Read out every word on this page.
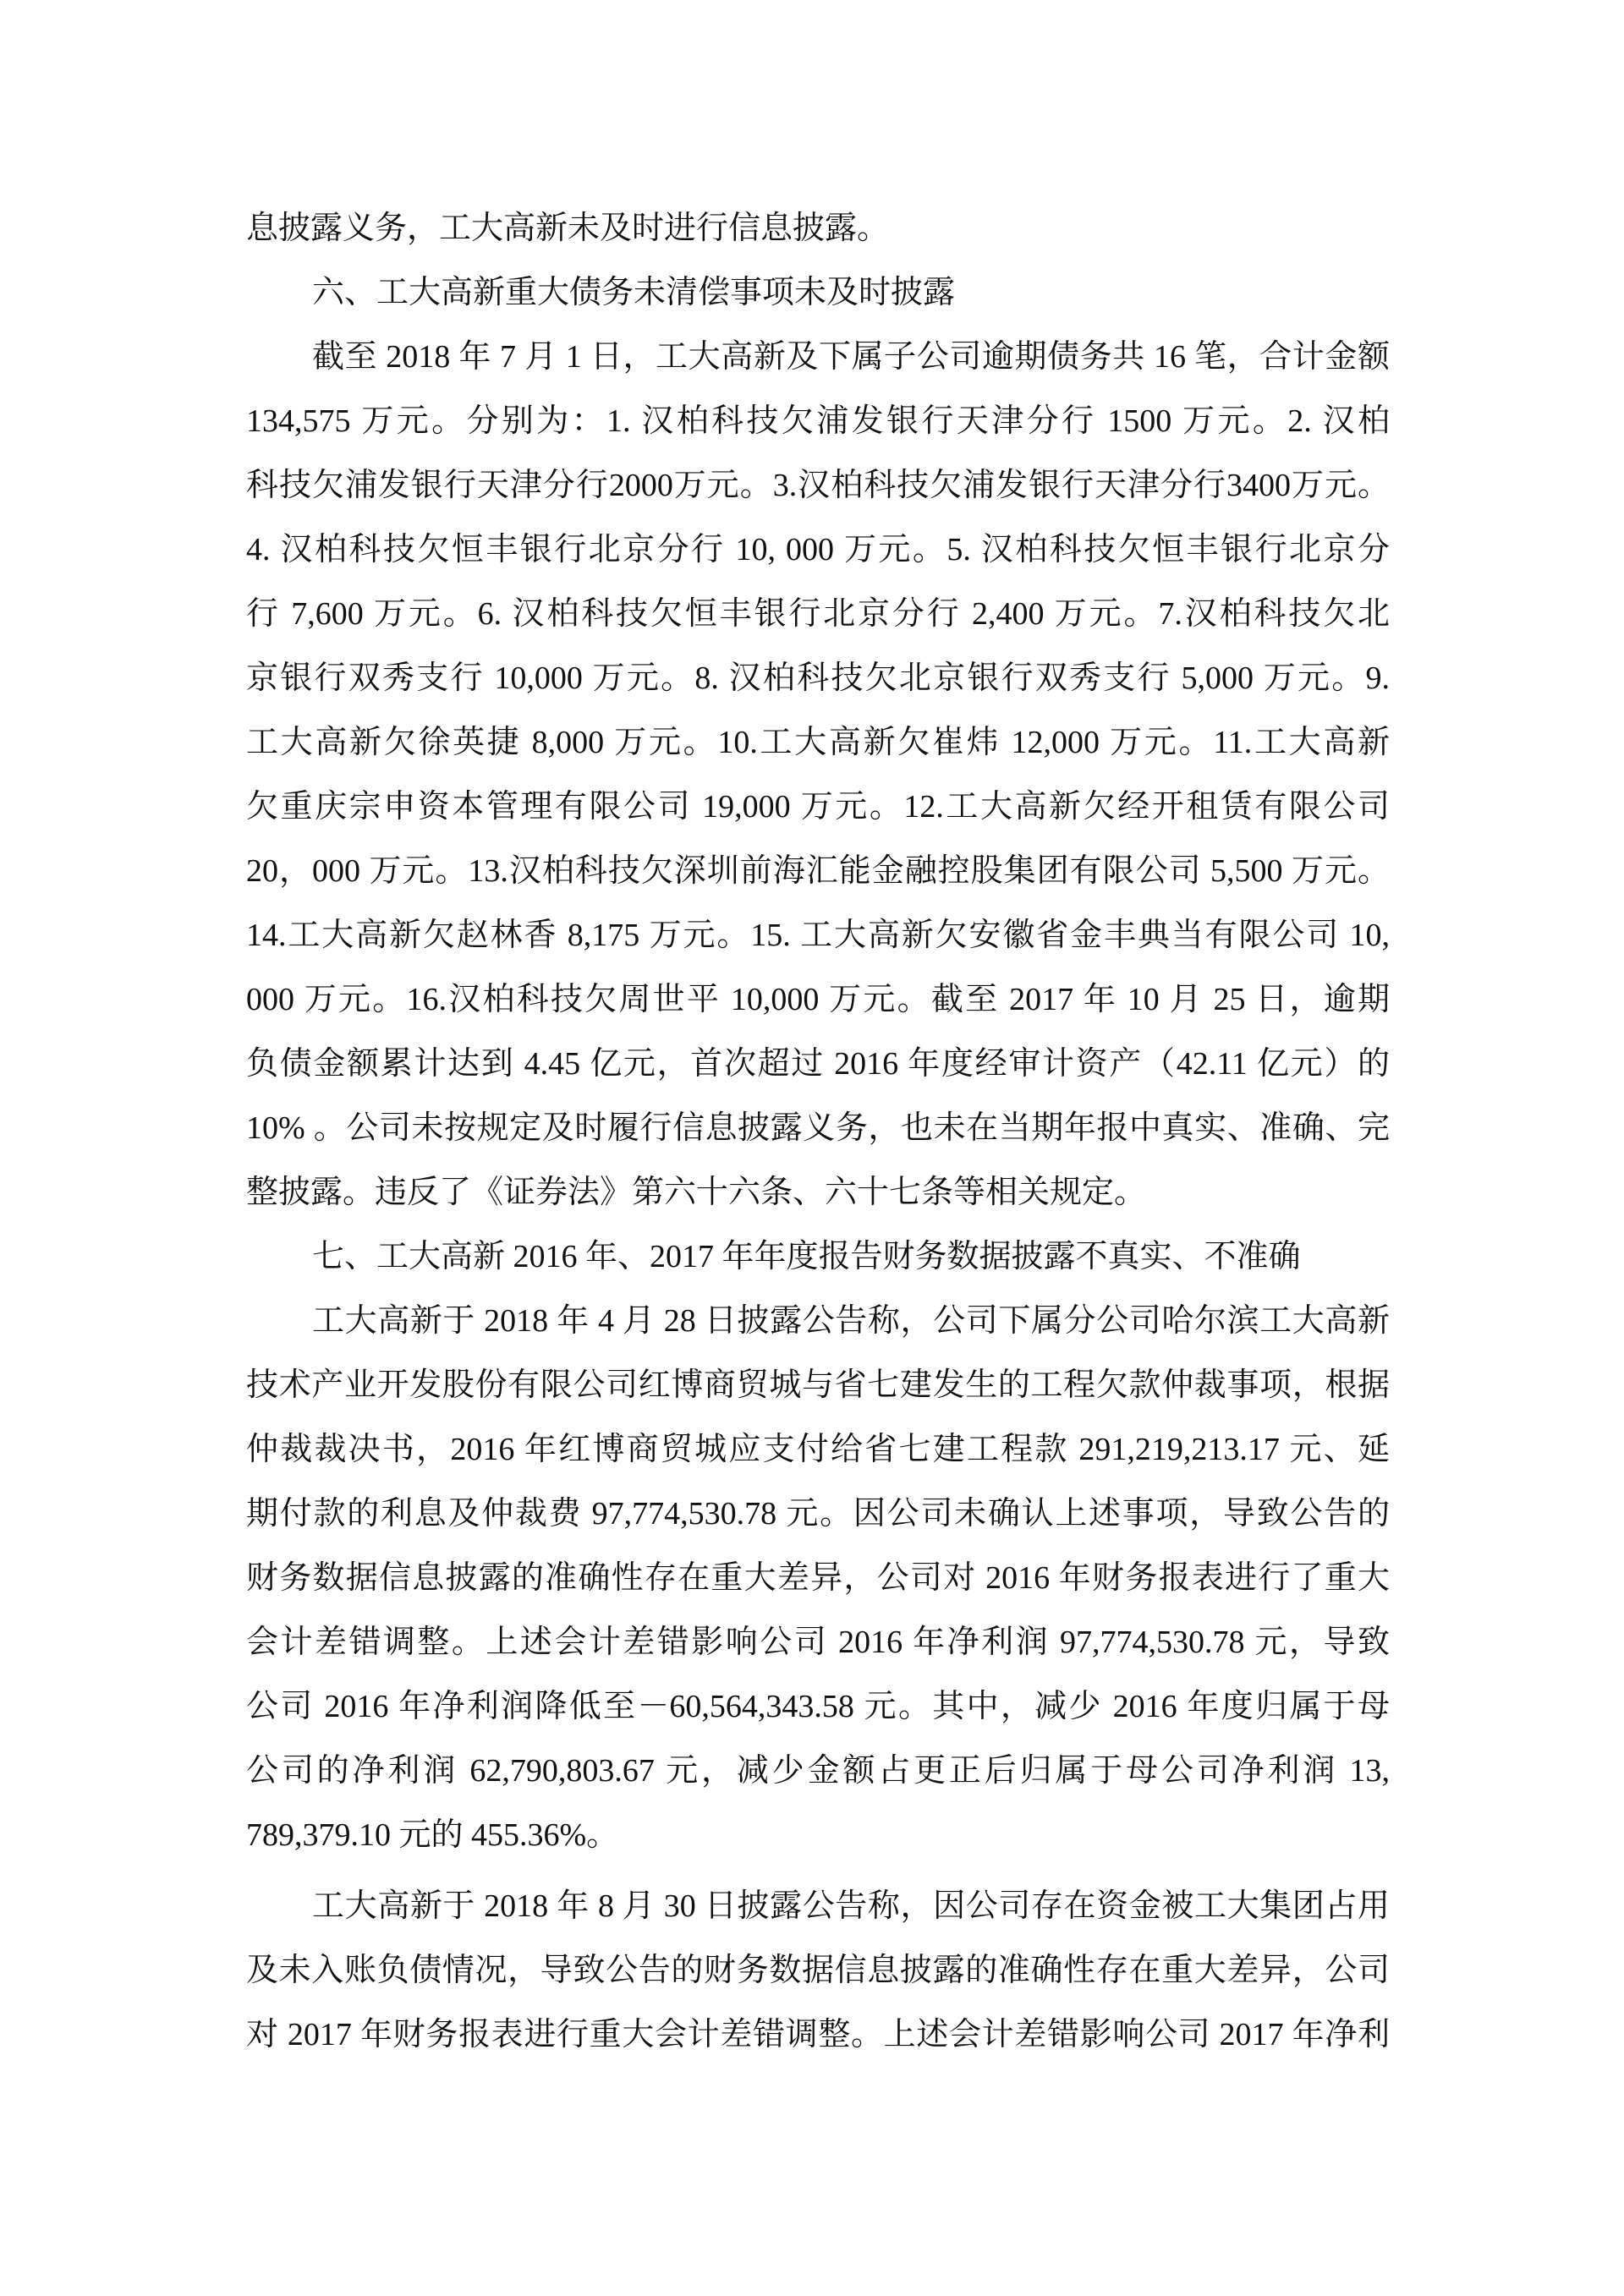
息披露义务，工大高新未及时进行信息披露。
六、工大高新重大债务未清偿事项未及时披露
截至 2018 年 7 月 1 日，工大高新及下属子公司逾期债务共 16 笔，合计金额
134,575 万元。分别为：1. 汉柏科技欠浦发银行天津分行 1500 万元。2. 汉柏
科技欠浦发银行天津分行2000万元。3.汉柏科技欠浦发银行天津分行3400万元。
4. 汉柏科技欠恒丰银行北京分行 10, 000 万元。5. 汉柏科技欠恒丰银行北京分
行 7,600 万元。6. 汉柏科技欠恒丰银行北京分行 2,400 万元。7.汉柏科技欠北
京银行双秀支行 10,000 万元。8. 汉柏科技欠北京银行双秀支行 5,000 万元。9.
工大高新欠徐英捷 8,000 万元。10.工大高新欠崔炜 12,000 万元。11.工大高新
欠重庆宗申资本管理有限公司 19,000 万元。12.工大高新欠经开租赁有限公司
20，000 万元。13.汉柏科技欠深圳前海汇能金融控股集团有限公司 5,500 万元。
14.工大高新欠赵林香 8,175 万元。15. 工大高新欠安徽省金丰典当有限公司 10,
000 万元。16.汉柏科技欠周世平 10,000 万元。截至 2017 年 10 月 25 日，逾期
负债金额累计达到 4.45 亿元，首次超过 2016 年度经审计资产（42.11 亿元）的
10% 。公司未按规定及时履行信息披露义务，也未在当期年报中真实、准确、完
整披露。违反了《证券法》第六十六条、六十七条等相关规定。
七、工大高新 2016 年、2017 年年度报告财务数据披露不真实、不准确
工大高新于 2018 年 4 月 28 日披露公告称，公司下属分公司哈尔滨工大高新
技术产业开发股份有限公司红博商贸城与省七建发生的工程欠款仲裁事项，根据
仲裁裁决书，2016 年红博商贸城应支付给省七建工程款 291,219,213.17 元、延
期付款的利息及仲裁费 97,774,530.78 元。因公司未确认上述事项，导致公告的
财务数据信息披露的准确性存在重大差异，公司对 2016 年财务报表进行了重大
会计差错调整。上述会计差错影响公司 2016 年净利润 97,774,530.78 元，导致
公司 2016 年净利润降低至－60,564,343.58 元。其中，减少 2016 年度归属于母
公司的净利润 62,790,803.67 元，减少金额占更正后归属于母公司净利润 13,
789,379.10 元的 455.36%。
工大高新于 2018 年 8 月 30 日披露公告称，因公司存在资金被工大集团占用
及未入账负债情况，导致公告的财务数据信息披露的准确性存在重大差异，公司
对 2017 年财务报表进行重大会计差错调整。上述会计差错影响公司 2017 年净利
